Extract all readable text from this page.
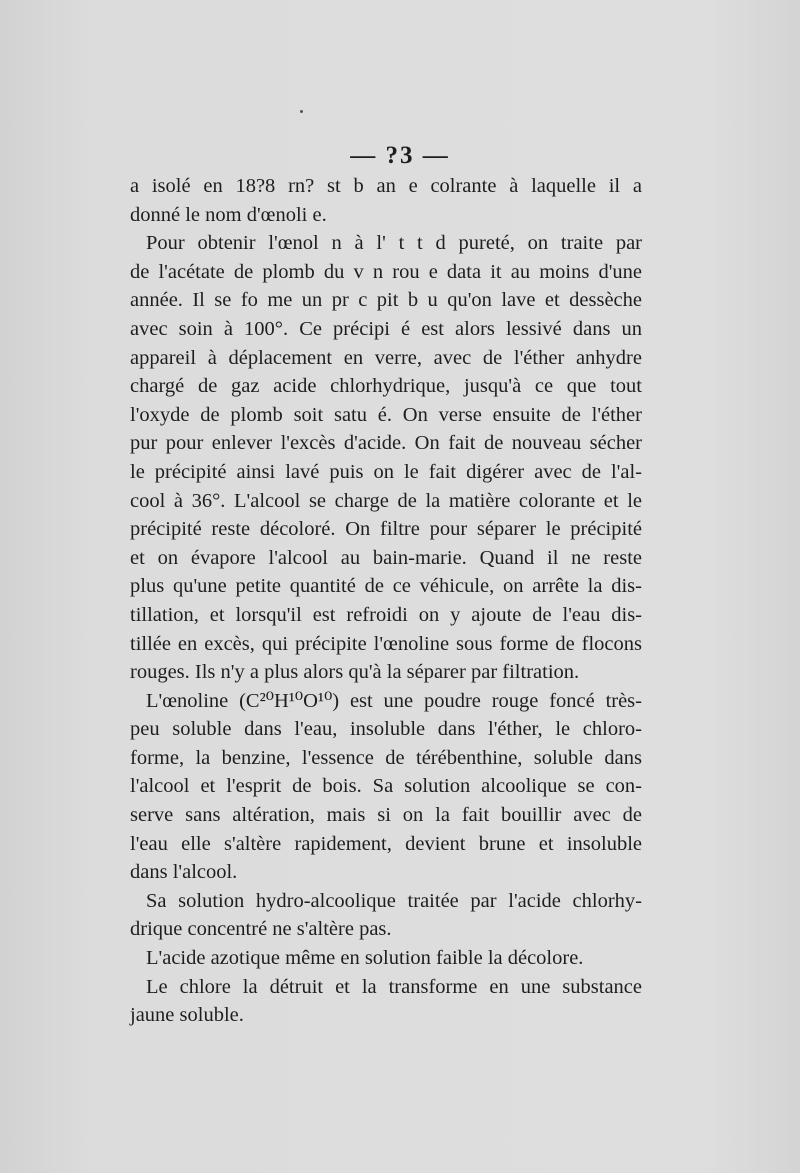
— ?3 —
a isolé en 18?8 rn? st b an e colrante à laquelle il a
donné le nom d'œnoli e.
Pour obtenir l'œnol n à l' t t d pureté, on traite par
de l'acétate de plomb du v n rou e data it au moins d'une
année. Il se fo me un pr c pit b u qu'on lave et dessèche
avec soin à 100°. Ce précipi é est alors lessivé dans un
appareil à déplacement en verre, avec de l'éther anhydre
chargé de gaz acide chlorhydrique, jusqu'à ce que tout
l'oxyde de plomb soit satu é. On verse ensuite de l'éther
pur pour enlever l'excès d'acide. On fait de nouveau sécher
le précipité ainsi lavé puis on le fait digérer avec de l'al-
cool à 36°. L'alcool se charge de la matière colorante et le
précipité reste décoloré. On filtre pour séparer le précipité
et on évapore l'alcool au bain-marie. Quand il ne reste
plus qu'une petite quantité de ce véhicule, on arrête la dis-
tillation, et lorsqu'il est refroidi on y ajoute de l'eau dis-
tillée en excès, qui précipite l'œnoline sous forme de flocons
rouges. Ils n'y a plus alors qu'à la séparer par filtration.
L'œnoline (C²⁰H¹⁰O¹⁰) est une poudre rouge foncé très-
peu soluble dans l'eau, insoluble dans l'éther, le chloro-
forme, la benzine, l'essence de térébenthine, soluble dans
l'alcool et l'esprit de bois. Sa solution alcoolique se con-
serve sans altération, mais si on la fait bouillir avec de
l'eau elle s'altère rapidement, devient brune et insoluble
dans l'alcool.
Sa solution hydro-alcoolique traitée par l'acide chlorhy-
drique concentré ne s'altère pas.
L'acide azotique même en solution faible la décolore.
Le chlore la détruit et la transforme en une substance
jaune soluble.
